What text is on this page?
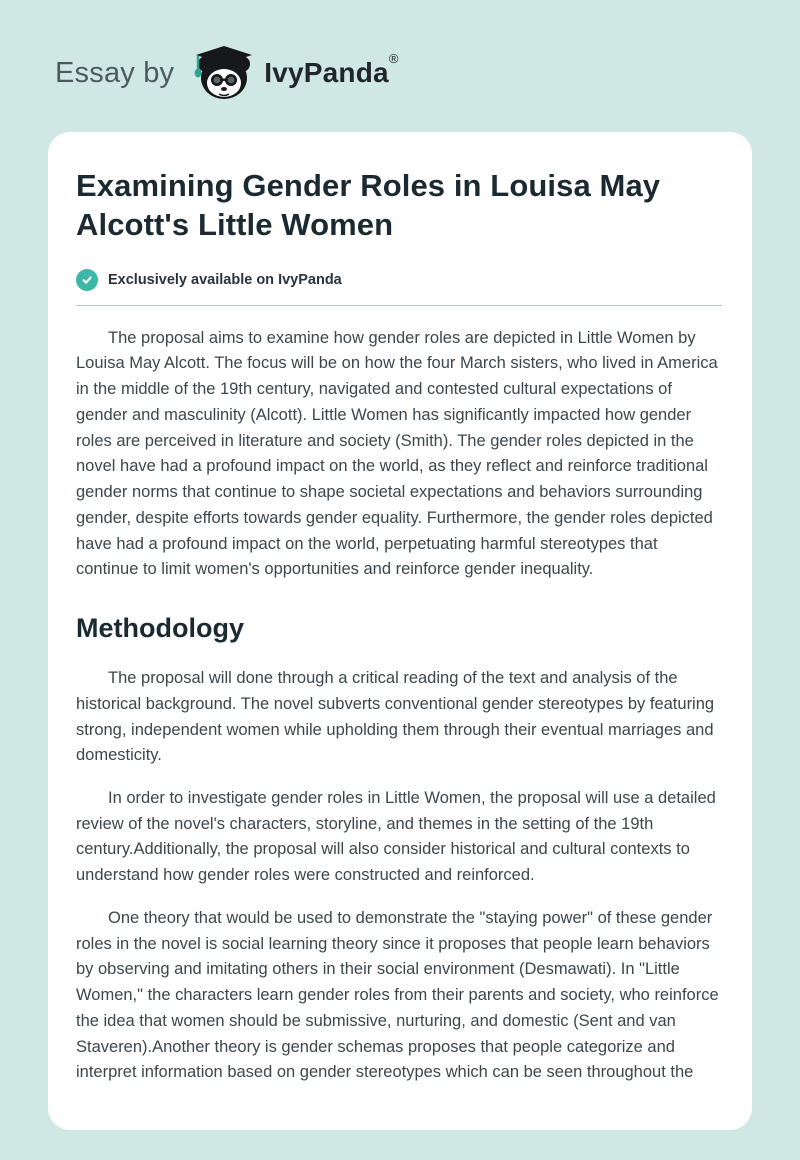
Essay by	IvyPanda®
Examining Gender Roles in Louisa May Alcott's Little Women
Exclusively available on IvyPanda

The proposal aims to examine how gender roles are depicted in Little Women by Louisa May Alcott. The focus will be on how the four March sisters, who lived in America in the middle of the 19th century, navigated and contested cultural expectations of gender and masculinity (Alcott). Little Women has significantly impacted how gender roles are perceived in literature and society (Smith). The gender roles depicted in the novel have had a profound impact on the world, as they reflect and reinforce traditional gender norms that continue to shape societal expectations and behaviors surrounding gender, despite efforts towards gender equality. Furthermore, the gender roles depicted have had a profound impact on the world, perpetuating harmful stereotypes that continue to limit women's opportunities and reinforce gender inequality.

Methodology

The proposal will done through a critical reading of the text and analysis of the historical background. The novel subverts conventional gender stereotypes by featuring strong, independent women while upholding them through their eventual marriages and domesticity.

In order to investigate gender roles in Little Women, the proposal will use a detailed review of the novel's characters, storyline, and themes in the setting of the 19th century.Additionally, the proposal will also consider historical and cultural contexts to understand how gender roles were constructed and reinforced.

One theory that would be used to demonstrate the "staying power" of these gender roles in the novel is social learning theory since it proposes that people learn behaviors by observing and imitating others in their social environment (Desmawati). In "Little Women," the characters learn gender roles from their parents and society, who reinforce the idea that women should be submissive, nurturing, and domestic (Sent and van Staveren).Another theory is gender schemas proposes that people categorize and interpret information based on gender stereotypes which can be seen throughout the
